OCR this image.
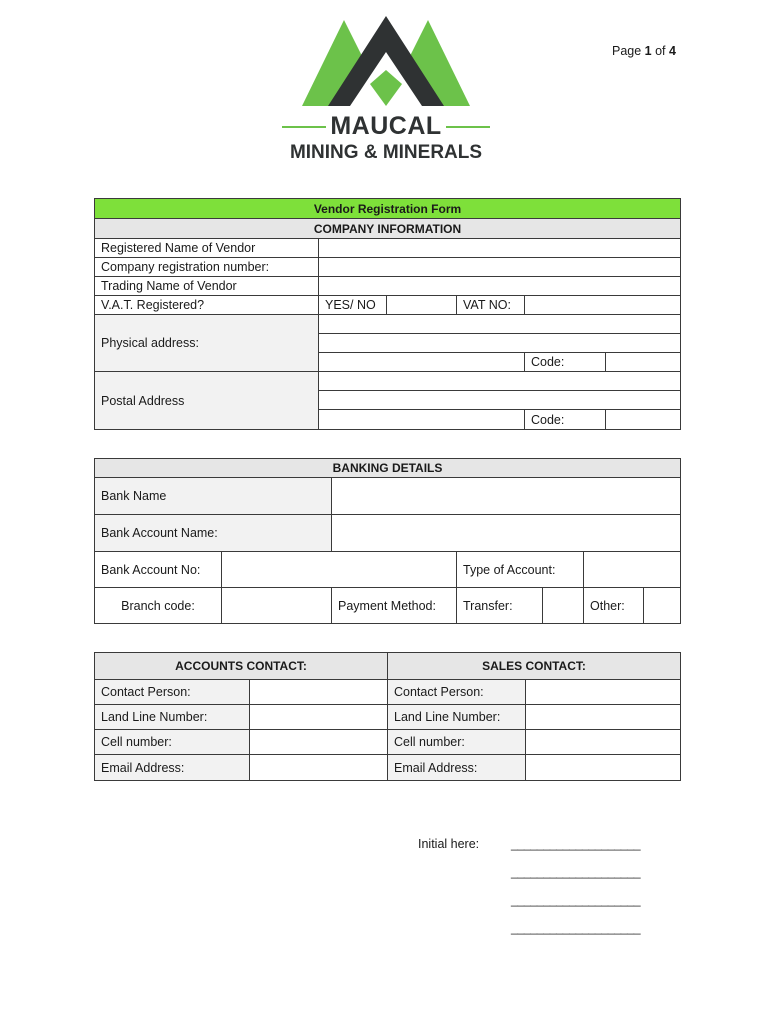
Page 1 of 4
MAUCAL
MINING & MINERALS
Vendor Registration Form
COMPANY INFORMATION
Registered Name of Vendor
Company registration number:
Trading Name of Vendor
V.A.T. Registered?	YES/ NO	VAT NO:
Physical address:
Code:
Postal Address
Code:
BANKING DETAILS
Bank Name
Bank Account Name:
Bank Account No:	Type of Account:
Branch code:	Payment Method:	Transfer:	Other:
ACCOUNTS CONTACT:	SALES CONTACT:
Contact Person:	Contact Person:
Land Line Number:	Land Line Number:
Cell number:	Cell number:
Email Address:	Email Address:
Initial here:	____________________
____________________
____________________
____________________
